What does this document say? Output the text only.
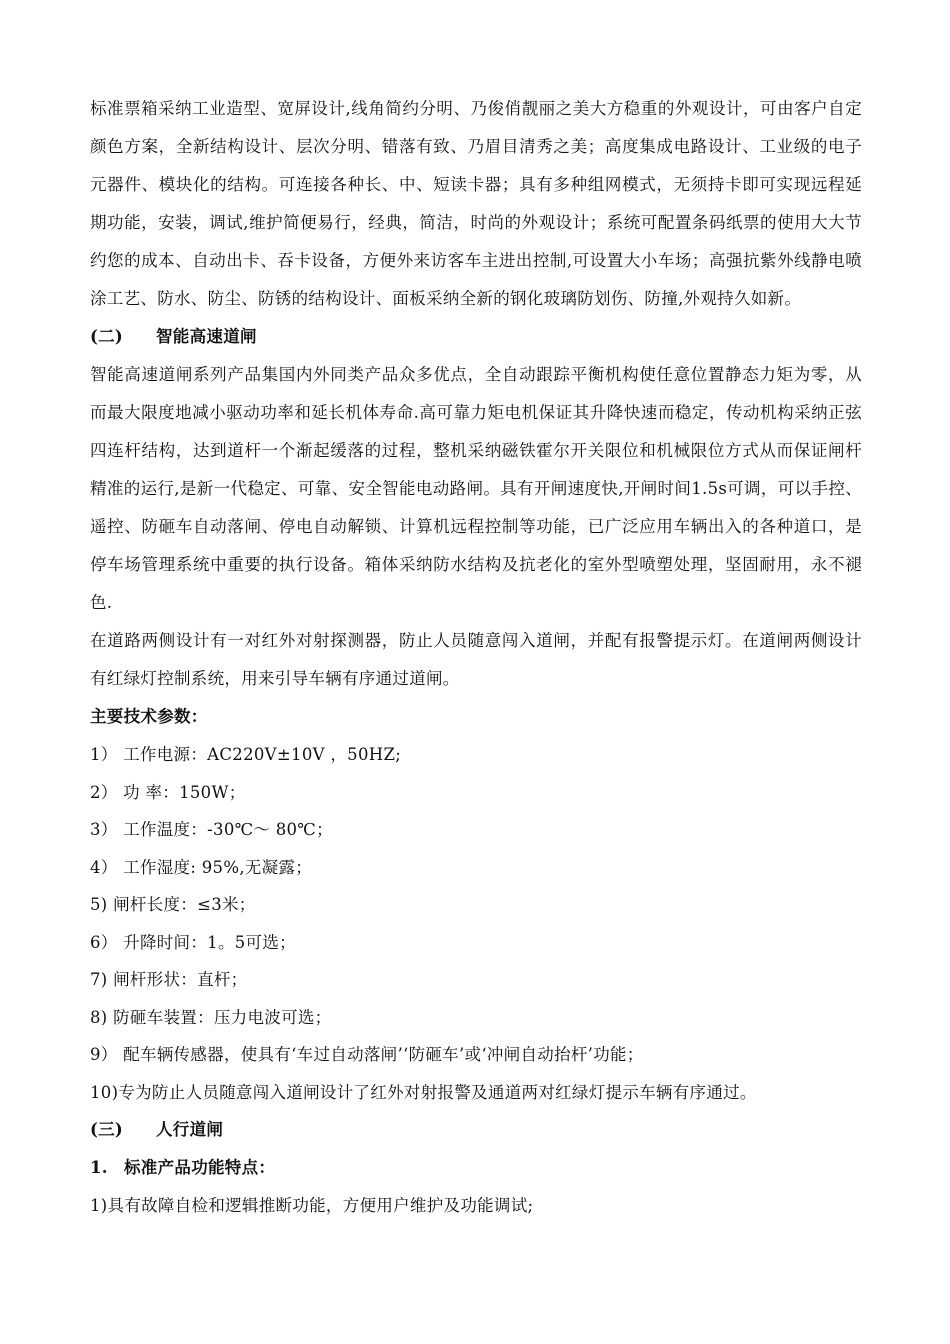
标准票箱采纳工业造型、宽屏设计,线角简约分明、乃俊俏靓丽之美大方稳重的外观设计，可由客户自定颜色方案，全新结构设计、层次分明、错落有致、乃眉目清秀之美；高度集成电路设计、工业级的电子元器件、模块化的结构。可连接各种长、中、短读卡器；具有多种组网模式，无须持卡即可实现远程延期功能，安装，调试,维护简便易行，经典，简洁，时尚的外观设计；系统可配置条码纸票的使用大大节约您的成本、自动出卡、吞卡设备，方便外来访客车主进出控制,可设置大小车场；高强抗紫外线静电喷涂工艺、防水、防尘、防锈的结构设计、面板采纳全新的钢化玻璃防划伤、防撞,外观持久如新。

(二) 智能高速道闸

智能高速道闸系列产品集国内外同类产品众多优点，全自动跟踪平衡机构使任意位置静态力矩为零，从而最大限度地减小驱动功率和延长机体寿命.高可靠力矩电机保证其升降快速而稳定，传动机构采纳正弦四连杆结构，达到道杆一个渐起缓落的过程，整机采纳磁铁霍尔开关限位和机械限位方式从而保证闸杆精准的运行,是新一代稳定、可靠、安全智能电动路闸。具有开闸速度快,开闸时间1.5s可调，可以手控、遥控、防砸车自动落闸、停电自动解锁、计算机远程控制等功能，已广泛应用车辆出入的各种道口，是停车场管理系统中重要的执行设备。箱体采纳防水结构及抗老化的室外型喷塑处理，坚固耐用，永不褪色.

在道路两侧设计有一对红外对射探测器，防止人员随意闯入道闸，并配有报警提示灯。在道闸两侧设计有红绿灯控制系统，用来引导车辆有序通过道闸。

主要技术参数：

1） 工作电源：AC220V±10V ，50HZ;

2） 功 率：150W；

3） 工作温度：-30℃～ 80℃；

4） 工作湿度: 95%,无凝露；

5) 闸杆长度：≤3米；

6） 升降时间：1。5可选；

7) 闸杆形状：直杆；

8) 防砸车装置：压力电波可选；

9） 配车辆传感器，使具有‘车过自动落闸’‘防砸车’或‘冲闸自动抬杆’功能；

10)专为防止人员随意闯入道闸设计了红外对射报警及通道两对红绿灯提示车辆有序通过。

(三) 人行道闸

1. 标准产品功能特点：

1)具有故障自检和逻辑推断功能，方便用户维护及功能调试;
